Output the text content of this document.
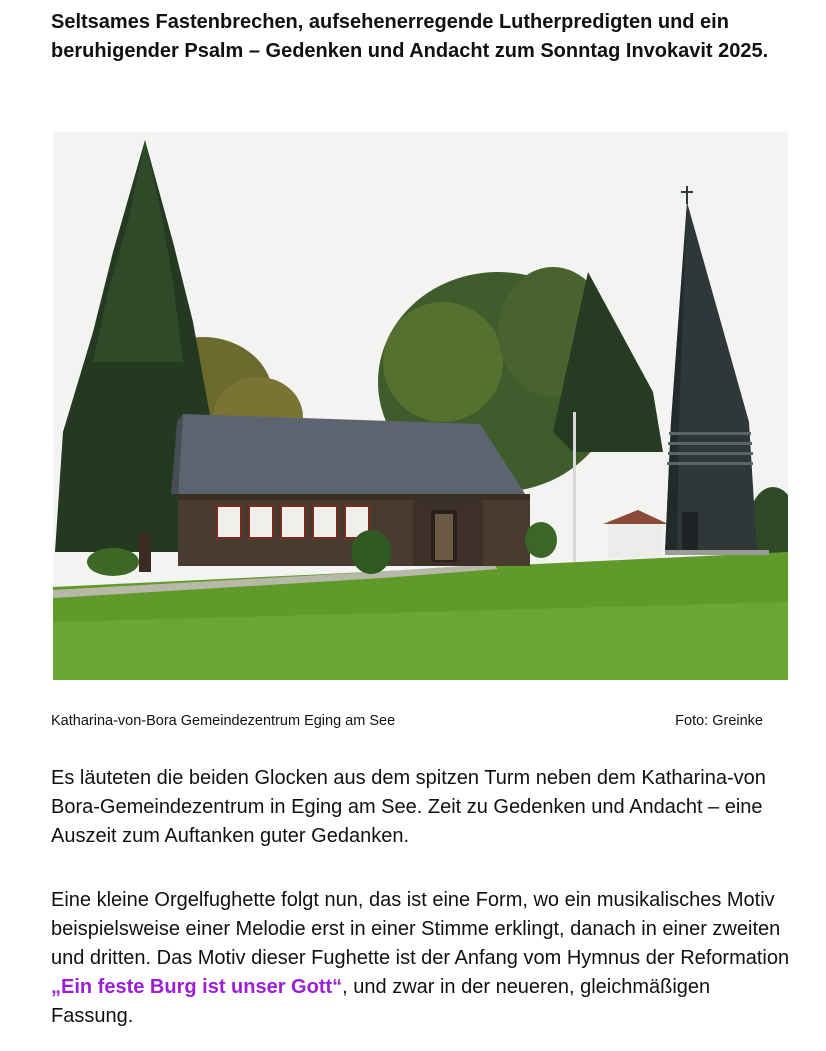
Seltsames Fastenbrechen, aufsehenerregende Lutherpredigten und ein beruhigender Psalm – Gedenken und Andacht zum Sonntag Invokavit 2025.
Katharina-von-Bora Gemeindezentrum Eging am See	Foto: Greinke

Es läuteten die beiden Glocken aus dem spitzen Turm neben dem Katharina-von Bora-Gemeindezentrum in Eging am See. Zeit zu Gedenken und Andacht – eine Auszeit zum Auftanken guter Gedanken.

Eine kleine Orgelfughette folgt nun, das ist eine Form, wo ein musikalisches Motiv beispielsweise einer Melodie erst in einer Stimme erklingt, danach in einer zweiten und dritten. Das Motiv dieser Fughette ist der Anfang vom Hymnus der Reformation „Ein feste Burg ist unser Gott“, und zwar in der neueren, gleichmäßigen Fassung.
